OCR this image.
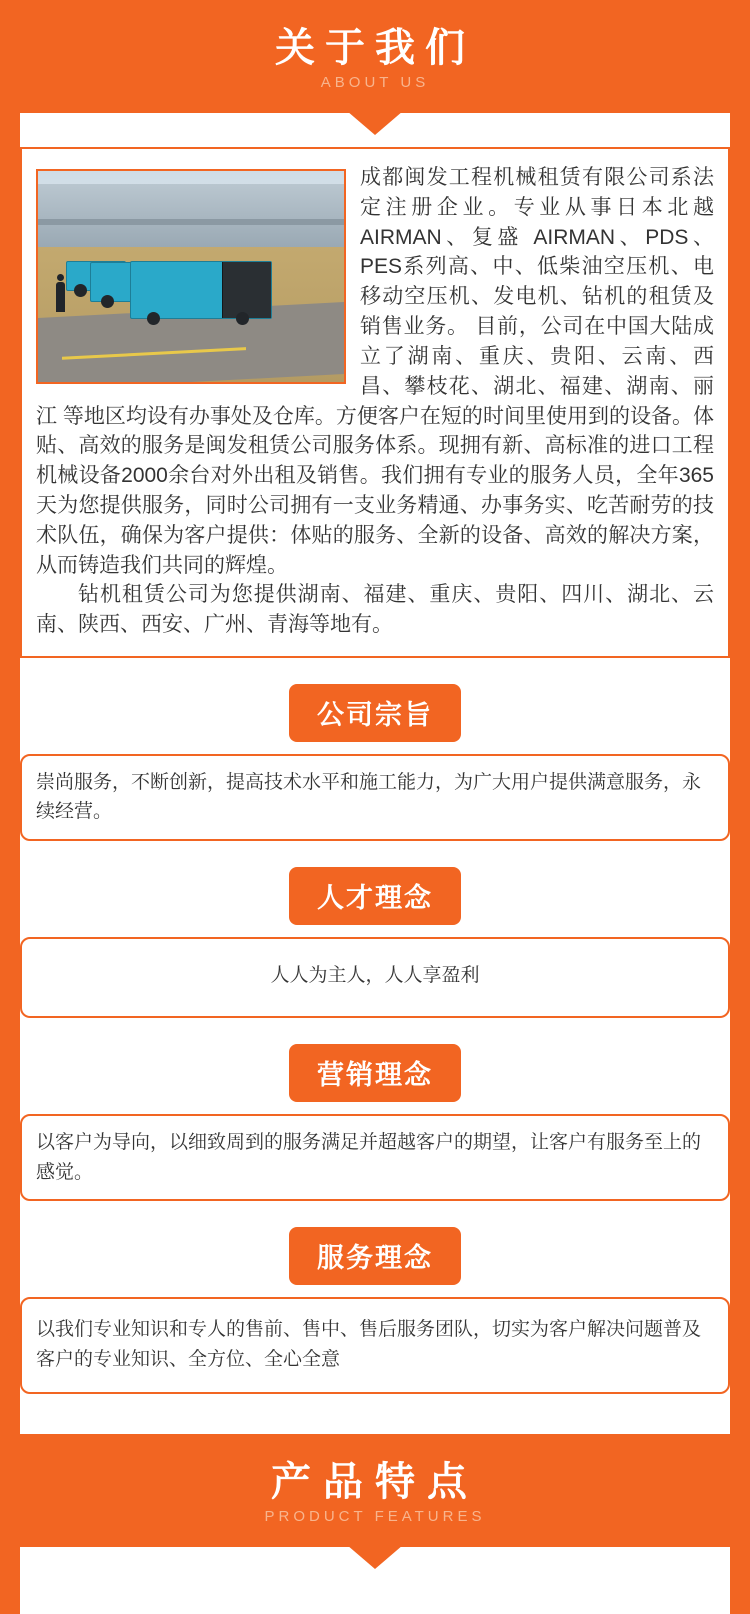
关于我们
ABOUT US

成都闽发工程机械租赁有限公司系法定注册企业。专业从事日本北越AIRMAN、复盛 AIRMAN、PDS、PES系列高、中、低柴油空压机、电移动空压机、发电机、钻机的租赁及销售业务。 目前，公司在中国大陆成立了湖南、重庆、贵阳、云南、西昌、攀枝花、湖北、福建、湖南、丽江 等地区均设有办事处及仓库。方便客户在短的时间里使用到的设备。体贴、高效的服务是闽发租赁公司服务体系。现拥有新、高标准的进口工程机械设备2000余台对外出租及销售。我们拥有专业的服务人员，全年365天为您提供服务，同时公司拥有一支业务精通、办事务实、吃苦耐劳的技术队伍，确保为客户提供：体贴的服务、全新的设备、高效的解决方案，从而铸造我们共同的辉煌。

钻机租赁公司为您提供湖南、福建、重庆、贵阳、四川、湖北、云南、陕西、西安、广州、青海等地有。

公司宗旨
崇尚服务，不断创新，提高技术水平和施工能力，为广大用户提供满意服务，永续经营。
人才理念
人人为主人，人人享盈利
营销理念
以客户为导向，以细致周到的服务满足并超越客户的期望，让客户有服务至上的感觉。
服务理念
以我们专业知识和专人的售前、售中、售后服务团队，切实为客户解决问题普及客户的专业知识、全方位、全心全意
产品特点
PRODUCT FEATURES
